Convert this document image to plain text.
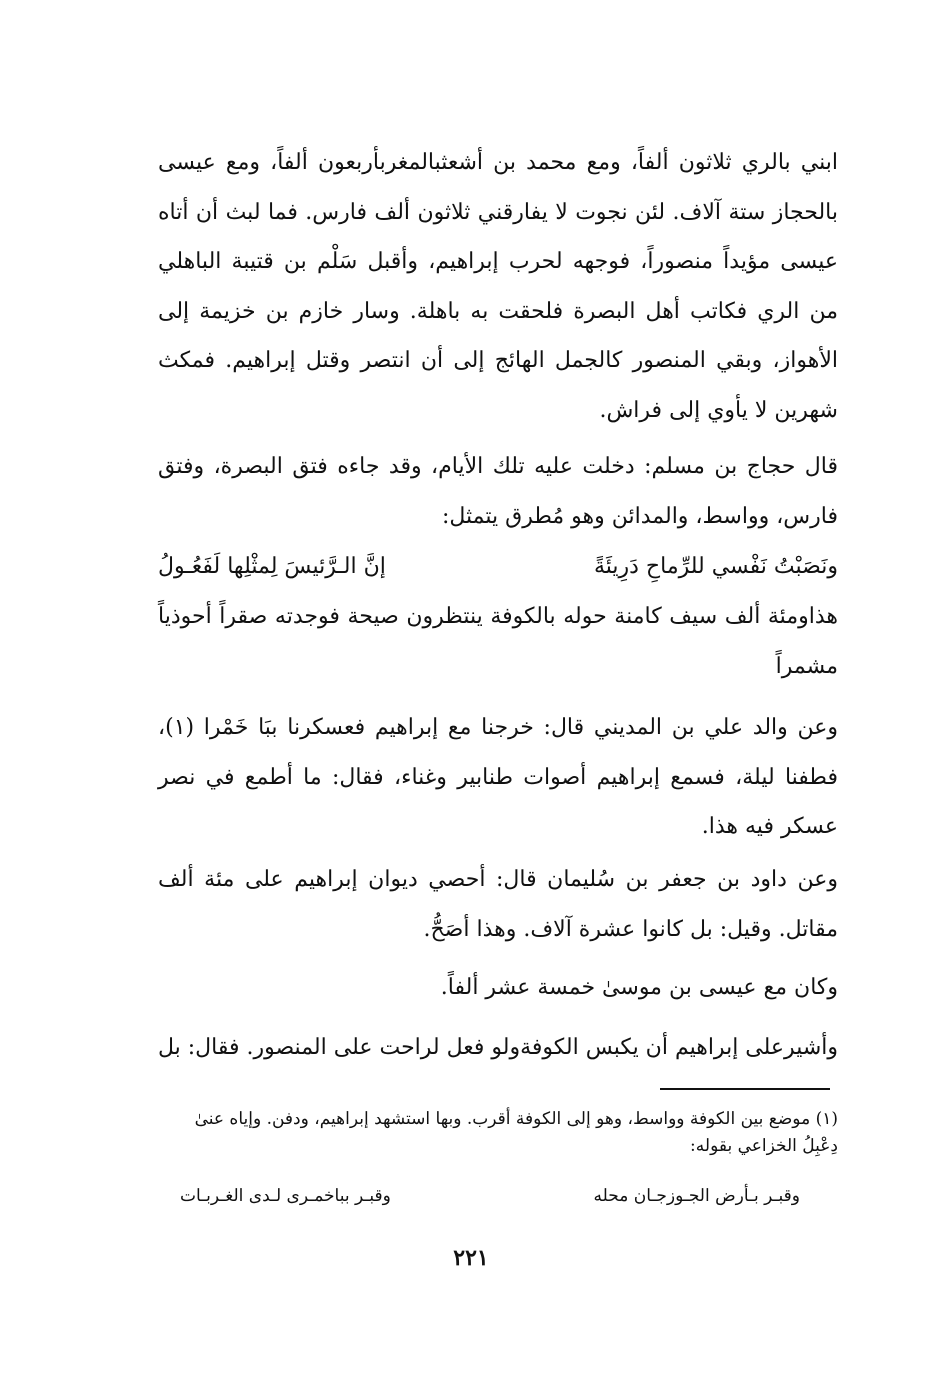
ابني بالري ثلاثون ألفاً، ومع محمد بن أشعثبالمغربأربعون ألفاً، ومع عيسى بالحجاز ستة آلاف. لئن نجوت لا يفارقني ثلاثون ألف فارس. فما لبث أن أتاه عيسى مؤيداً منصوراً، فوجهه لحرب إبراهيم، وأقبل سَلْم بن قتيبة الباهلي من الري فكاتب أهل البصرة فلحقت به باهلة. وسار خازم بن خزيمة إلى الأهواز، وبقي المنصور كالجمل الهائج إلى أن انتصر وقتل إبراهيم. فمكث شهرين لا يأوي إلى فراش.

قال حجاج بن مسلم: دخلت عليه تلك الأيام، وقد جاءه فتق البصرة، وفتق فارس، وواسط، والمدائن وهو مُطرق يتمثل:

ونَصَبْتُ نَفْسي للرِّماحِ دَرِيئَةً
إنَّ الـرَّئيسَ لِمثْلِها لَفَعُـولُ

هذاومئة ألف سيف كامنة حوله بالكوفة ينتظرون صيحة فوجدته صقراً أحوذياً مشمراً

وعن والد علي بن المديني قال: خرجنا مع إبراهيم فعسكرنا ببَا خَمْرا (١)، فطفنا ليلة، فسمع إبراهيم أصوات طنابير وغناء، فقال: ما أطمع في نصر عسكر فيه هذا.

وعن داود بن جعفر بن سُليمان قال: أحصي ديوان إبراهيم على مئة ألف مقاتل. وقيل: بل كانوا عشرة آلاف. وهذا أصَحُّ.

وكان مع عيسى بن موسىٰ خمسة عشر ألفاً.

وأشيرعلى إبراهيم أن يكبس الكوفةولو فعل لراحت على المنصور. فقال: بل

(١) موضع بين الكوفة وواسط، وهو إلى الكوفة أقرب. وبها استشهد إبراهيم، ودفن. وإياه عنىٰ دِعْبِلُ الخزاعي بقوله:

وقبـر بـأرض الجـوزجـان محله
وقبـر بباخمـرى لـدى الغـربـات
٢٢١
